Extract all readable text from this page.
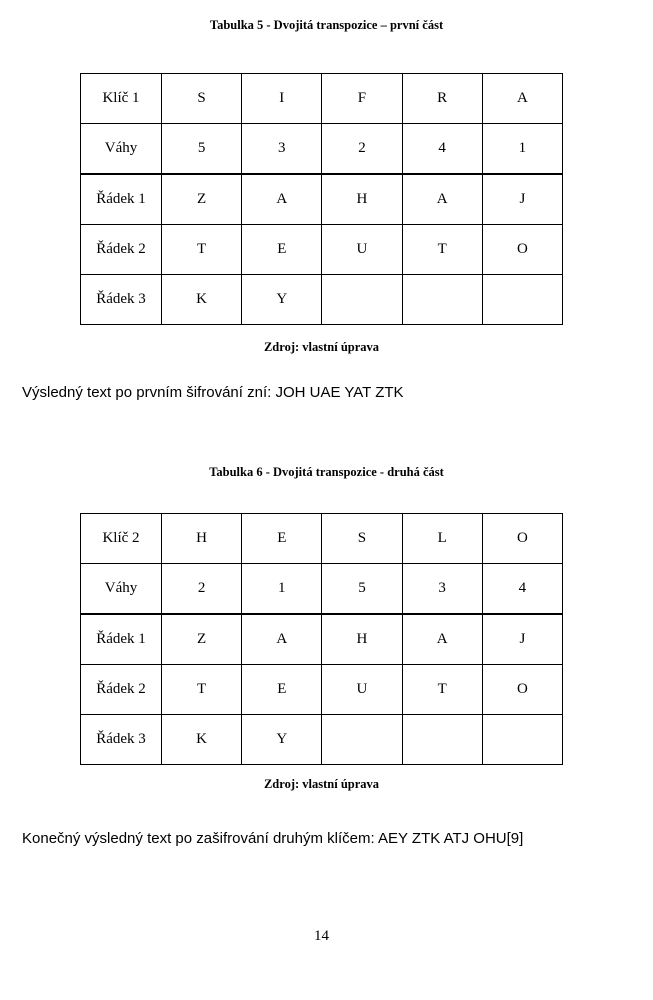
Tabulka 5 - Dvojitá transpozice – první část
Klíč 1	S	I	F	R	A
Váhy	5	3	2	4	1
Řádek 1	Z	A	H	A	J
Řádek 2	T	E	U	T	O
Řádek 3	K	Y			
Zdroj: vlastní úprava
Výsledný text po prvním šifrování zní: JOH UAE YAT ZTK
Tabulka 6 - Dvojitá transpozice - druhá část
Klíč 2	H	E	S	L	O
Váhy	2	1	5	3	4
Řádek 1	Z	A	H	A	J
Řádek 2	T	E	U	T	O
Řádek 3	K	Y			
Zdroj: vlastní úprava
Konečný výsledný text po zašifrování druhým klíčem: AEY ZTK ATJ OHU[9]
14
